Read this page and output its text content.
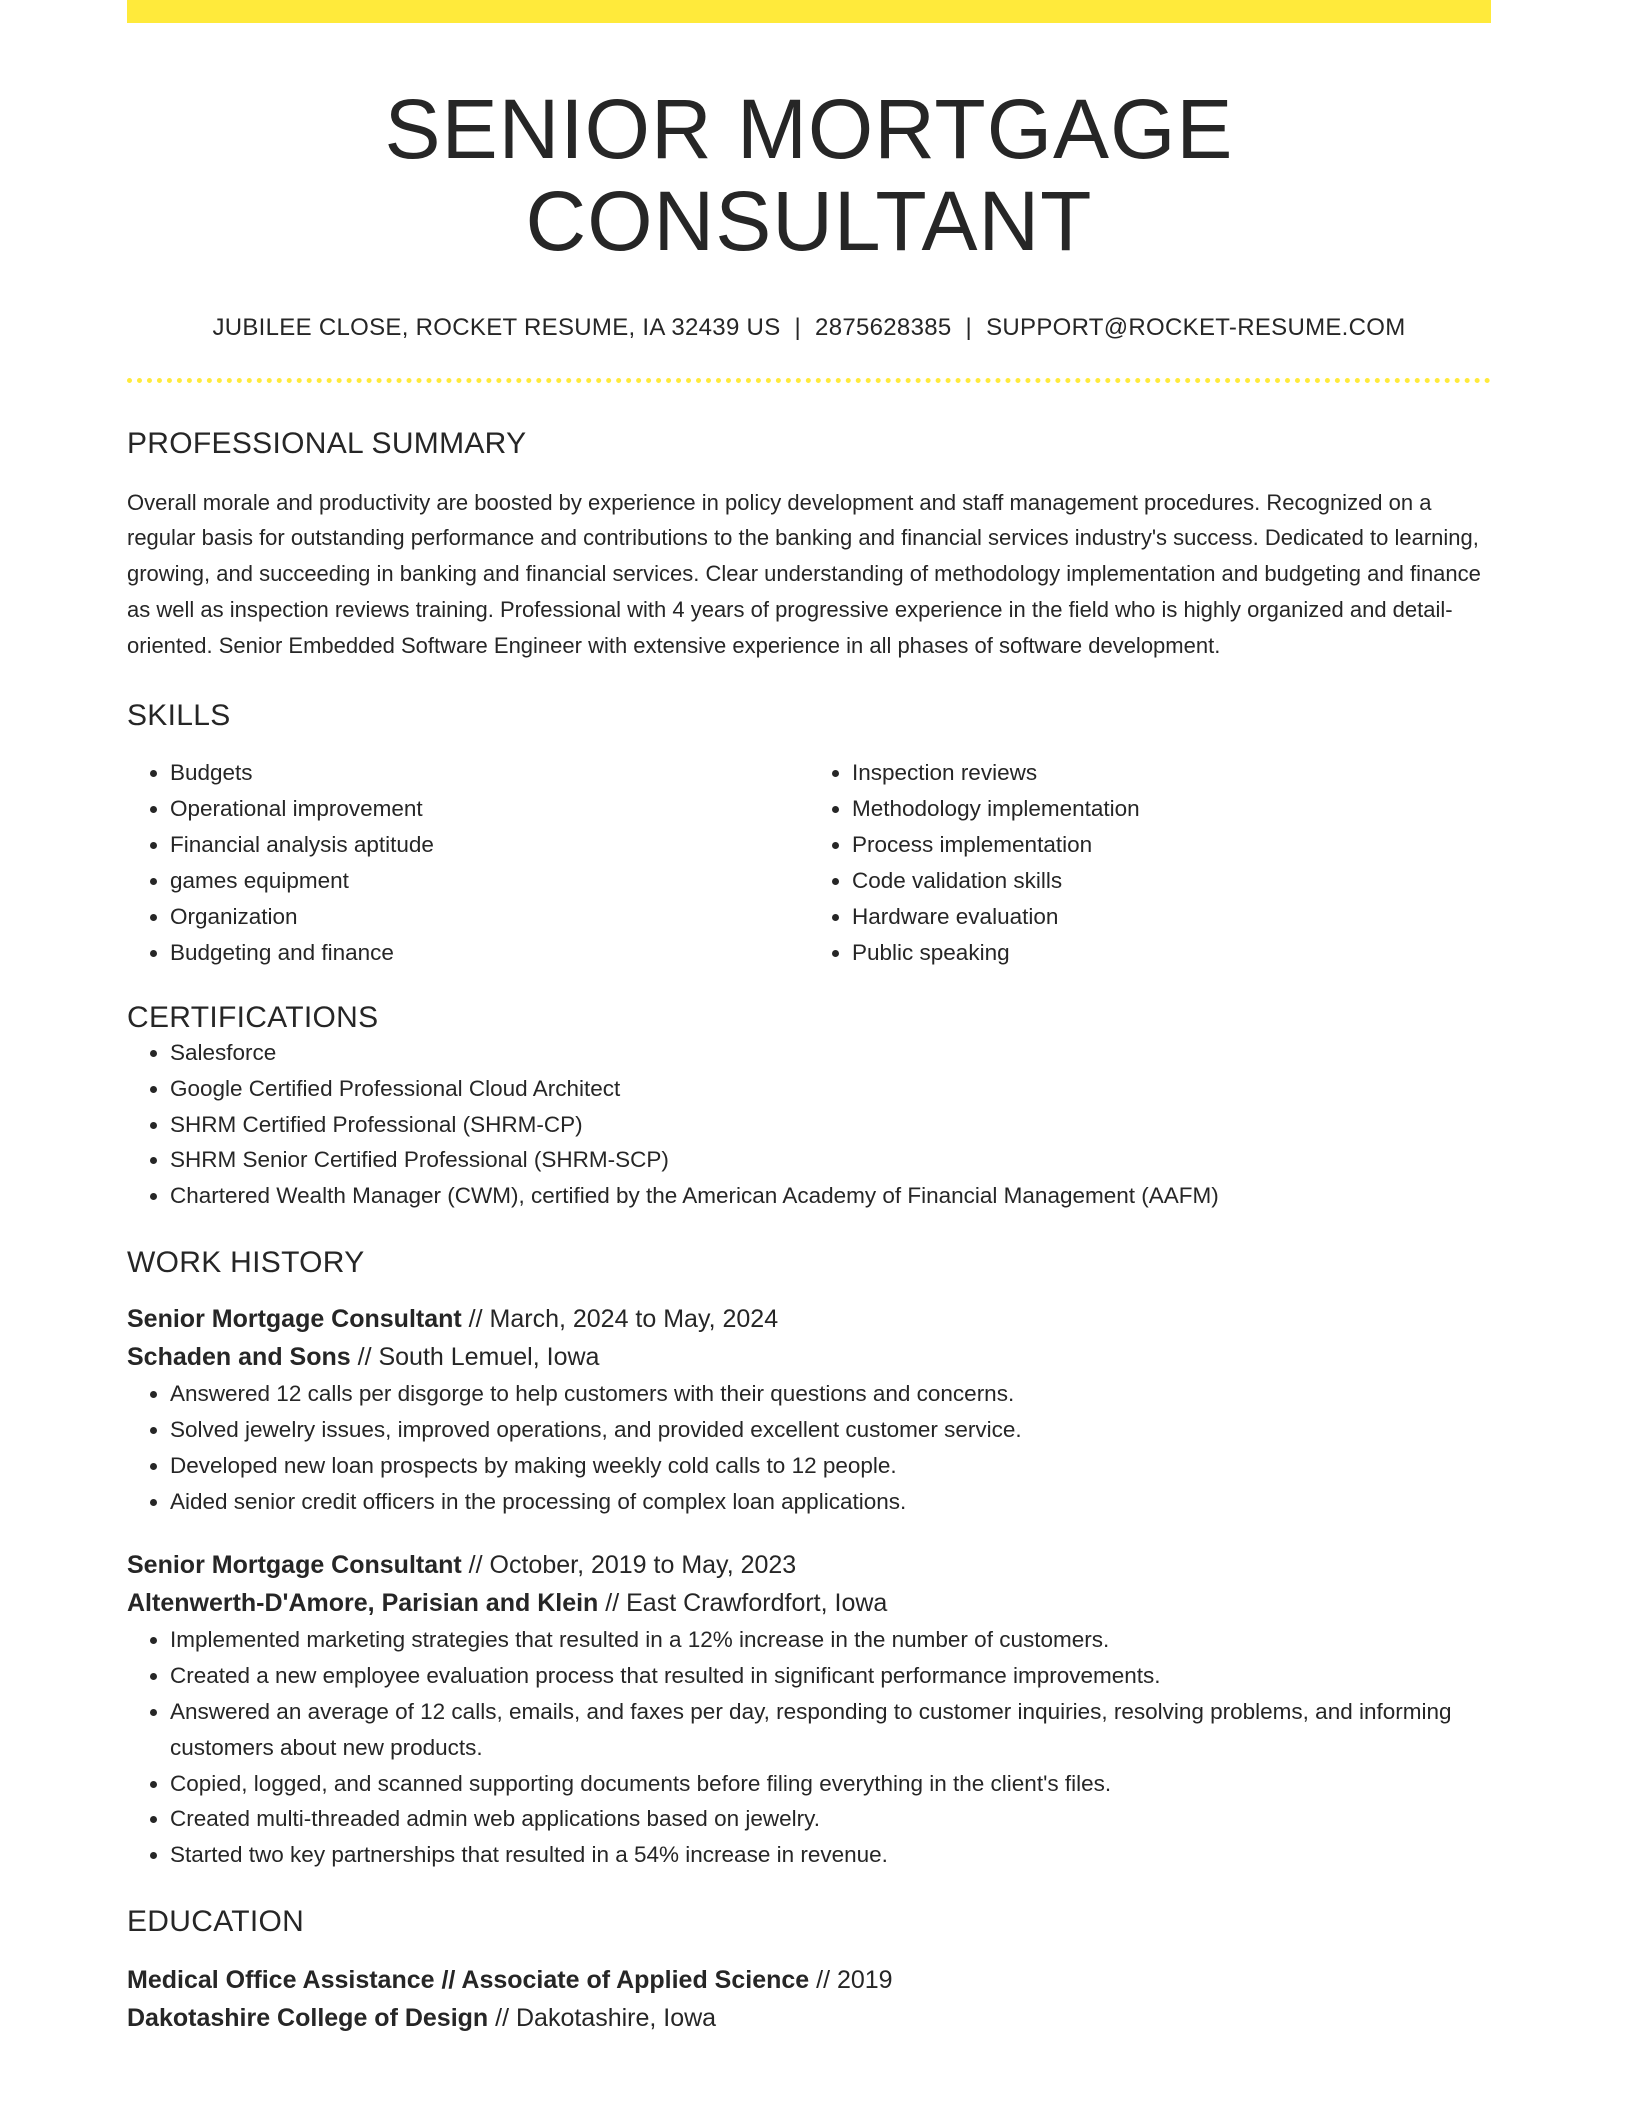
SENIOR MORTGAGE CONSULTANT
JUBILEE CLOSE, ROCKET RESUME, IA 32439 US | 2875628385 | SUPPORT@ROCKET-RESUME.COM
PROFESSIONAL SUMMARY

Overall morale and productivity are boosted by experience in policy development and staff management procedures. Recognized on a regular basis for outstanding performance and contributions to the banking and financial services industry's success. Dedicated to learning, growing, and succeeding in banking and financial services. Clear understanding of methodology implementation and budgeting and finance as well as inspection reviews training. Professional with 4 years of progressive experience in the field who is highly organized and detail-oriented. Senior Embedded Software Engineer with extensive experience in all phases of software development.

SKILLS
• Budgets
• Operational improvement
• Financial analysis aptitude
• games equipment
• Organization
• Budgeting and finance
• Inspection reviews
• Methodology implementation
• Process implementation
• Code validation skills
• Hardware evaluation
• Public speaking
CERTIFICATIONS
• Salesforce
• Google Certified Professional Cloud Architect
• SHRM Certified Professional (SHRM-CP)
• SHRM Senior Certified Professional (SHRM-SCP)
• Chartered Wealth Manager (CWM), certified by the American Academy of Financial Management (AAFM)
WORK HISTORY
Senior Mortgage Consultant // March, 2024 to May, 2024
Schaden and Sons // South Lemuel, Iowa
• Answered 12 calls per disgorge to help customers with their questions and concerns.
• Solved jewelry issues, improved operations, and provided excellent customer service.
• Developed new loan prospects by making weekly cold calls to 12 people.
• Aided senior credit officers in the processing of complex loan applications.
Senior Mortgage Consultant // October, 2019 to May, 2023
Altenwerth-D'Amore, Parisian and Klein // East Crawfordfort, Iowa
• Implemented marketing strategies that resulted in a 12% increase in the number of customers.
• Created a new employee evaluation process that resulted in significant performance improvements.
• Answered an average of 12 calls, emails, and faxes per day, responding to customer inquiries, resolving problems, and informing customers about new products.
• Copied, logged, and scanned supporting documents before filing everything in the client's files.
• Created multi-threaded admin web applications based on jewelry.
• Started two key partnerships that resulted in a 54% increase in revenue.
EDUCATION
Medical Office Assistance // Associate of Applied Science // 2019
Dakotashire College of Design // Dakotashire, Iowa
